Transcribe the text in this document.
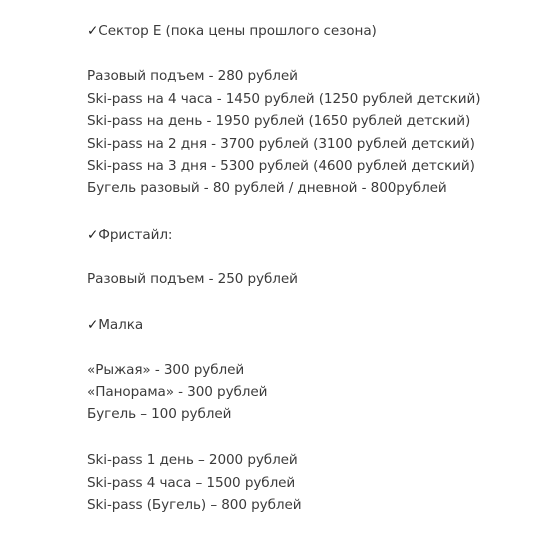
✓Сектор Е (пока цены прошлого сезона)
Разовый подъем - 280 рублей
Ski-pass на 4 часа - 1450 рублей (1250 рублей детский)
Ski-pass на день - 1950 рублей (1650 рублей детский)
Ski-pass на 2 дня - 3700 рублей (3100 рублей детский)
Ski-pass на 3 дня - 5300 рублей (4600 рублей детский)
Бугель разовый - 80 рублей / дневной - 800рублей
✓Фристайл:
Разовый подъем - 250 рублей
✓Малка
«Рыжая» - 300 рублей
«Панорама» - 300 рублей
Бугель – 100 рублей
Ski-pass 1 день – 2000 рублей
Ski-pass 4 часа – 1500 рублей
Ski-pass (Бугель) – 800 рублей
